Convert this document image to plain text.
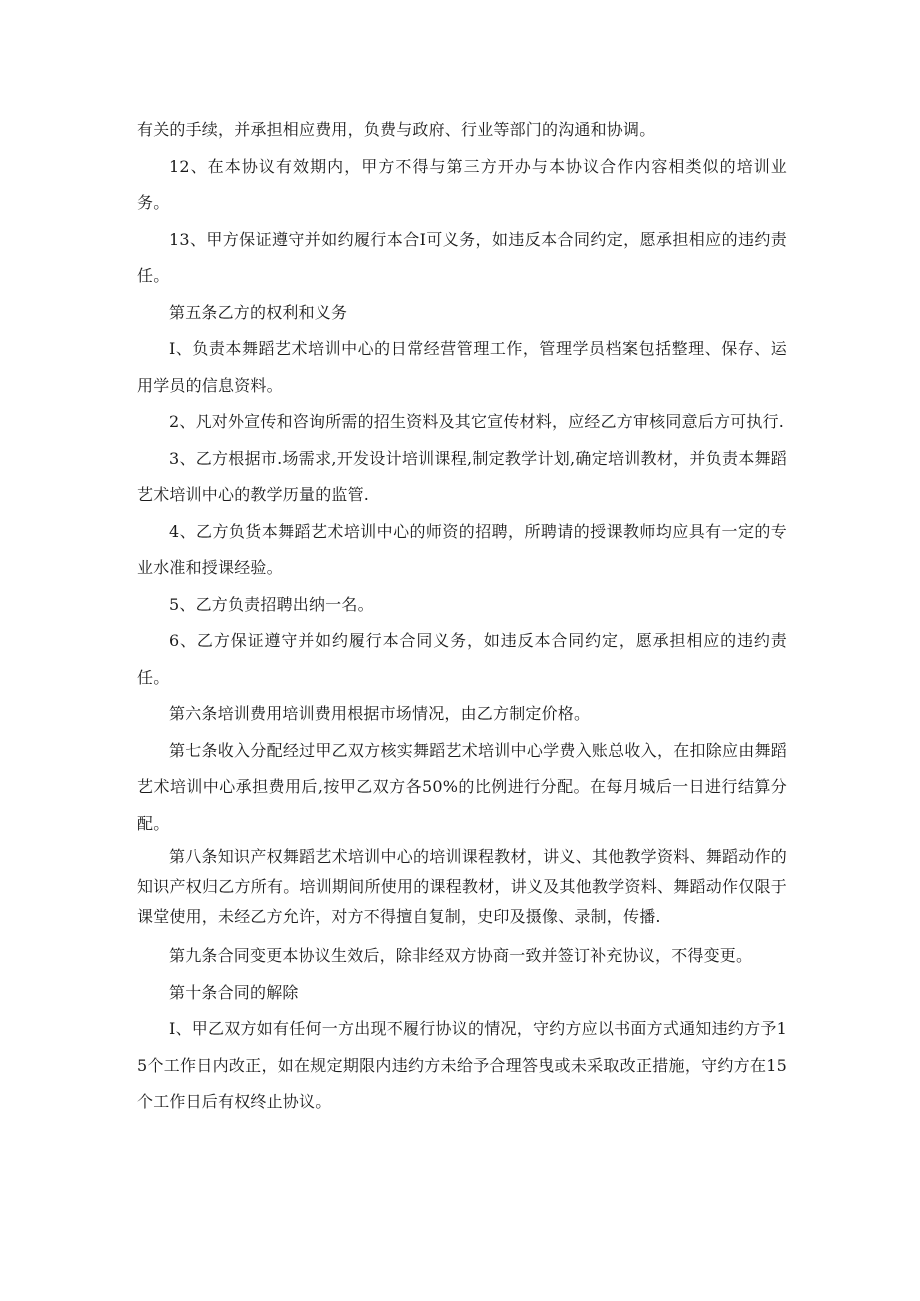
有关的手续，并承担相应费用，负费与政府、行业等部门的沟通和协调。

12、在本协议有效期内，甲方不得与第三方开办与本协议合作内容相类似的培训业务。

13、甲方保证遵守并如约履行本合I可义务，如违反本合同约定，愿承担相应的违约责任。

第五条乙方的权利和义务

I、负责本舞蹈艺术培训中心的日常经营管理工作，管理学员档案包括整理、保存、运用学员的信息资料。

2、凡对外宣传和咨询所需的招生资料及其它宣传材料，应经乙方审核同意后方可执行.

3、乙方根据市.场需求,开发设计培训课程,制定教学计划,确定培训教材，并负责本舞蹈艺术培训中心的教学历量的监管.

4、乙方负货本舞蹈艺术培训中心的师资的招聘，所聘请的授课教师均应具有一定的专业水准和授课经验。

5、乙方负责招聘出纳一名。

6、乙方保证遵守并如约履行本合同义务，如违反本合同约定，愿承担相应的违约责任。

第六条培训费用培训费用根据市场情况，由乙方制定价格。

第七条收入分配经过甲乙双方核实舞蹈艺术培训中心学费入账总收入，在扣除应由舞蹈艺术培训中心承担费用后,按甲乙双方各50%的比例进行分配。在每月城后一日进行结算分配。

第八条知识产权舞蹈艺术培训中心的培训课程教材，讲义、其他教学资料、舞蹈动作的知识产权归乙方所有。培训期间所使用的课程教材，讲义及其他教学资料、舞蹈动作仅限于课堂使用，未经乙方允许，对方不得擅自复制，史印及摄像、录制，传播.

第九条合同变更本协议生效后，除非经双方协商一致并签订补充协议，不得变更。

第十条合同的解除

I、甲乙双方如有任何一方出现不履行协议的情况，守约方应以书面方式通知违约方予15个工作日内改正，如在规定期限内违约方未给予合理答曳或未采取改正措施，守约方在15个工作日后有权终止协议。
